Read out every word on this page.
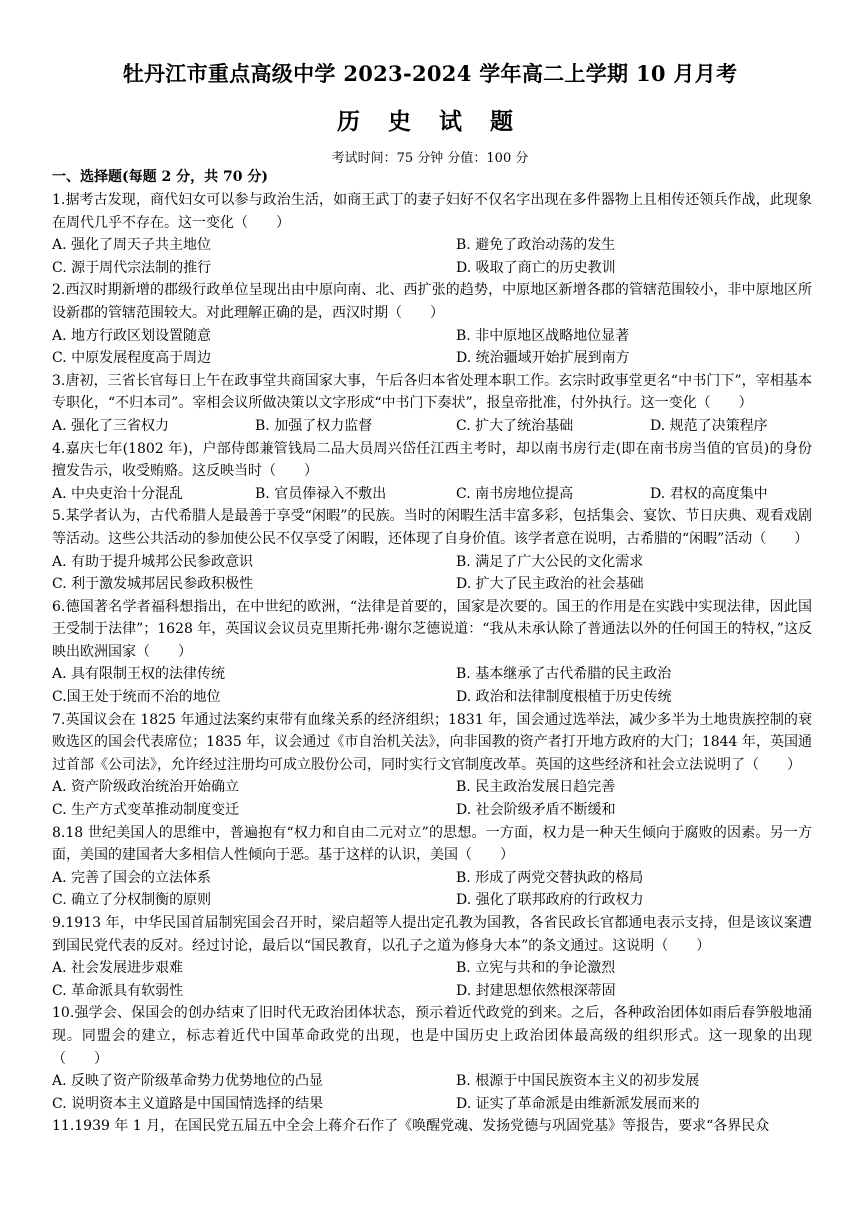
牡丹江市重点高级中学 2023-2024 学年高二上学期 10 月月考
历 史 试 题
考试时间：75 分钟 分值：100 分
一、选择题(每题 2 分，共 70 分)

1.据考古发现，商代妇女可以参与政治生活，如商王武丁的妻子妇好不仅名字出现在多件器物上且相传还领兵作战，此现象在周代几乎不存在。这一变化（　　）

A. 强化了周天子共主地位	B. 避免了政治动荡的发生
C. 源于周代宗法制的推行	D. 吸取了商亡的历史教训

2.西汉时期新增的郡级行政单位呈现出由中原向南、北、西扩张的趋势，中原地区新增各郡的管辖范围较小，非中原地区所设新郡的管辖范围较大。对此理解正确的是，西汉时期（　　）

A. 地方行政区划设置随意	B. 非中原地区战略地位显著
C. 中原发展程度高于周边	D. 统治疆域开始扩展到南方

3.唐初，三省长官每日上午在政事堂共商国家大事，午后各归本省处理本职工作。玄宗时政事堂更名“中书门下”，宰相基本专职化，“不归本司”。宰相会议所做决策以文字形成“中书门下奏状”，报皇帝批准，付外执行。这一变化（　　）

A. 强化了三省权力	B. 加强了权力监督	C. 扩大了统治基础	D. 规范了决策程序

4.嘉庆七年(1802 年)，户部侍郎兼管钱局二品大员周兴岱任江西主考时，却以南书房行走(即在南书房当值的官员)的身份擅发告示，收受贿赂。这反映当时（　　）

A. 中央吏治十分混乱	B. 官员俸禄入不敷出	C. 南书房地位提高	D. 君权的高度集中

5.某学者认为，古代希腊人是最善于享受“闲暇”的民族。当时的闲暇生活丰富多彩，包括集会、宴饮、节日庆典、观看戏剧等活动。这些公共活动的参加使公民不仅享受了闲暇，还体现了自身价值。该学者意在说明，古希腊的“闲暇”活动（　　）

A. 有助于提升城邦公民参政意识	B. 满足了广大公民的文化需求
C. 利于激发城邦居民参政积极性	D. 扩大了民主政治的社会基础

6.德国著名学者福科想指出，在中世纪的欧洲，“法律是首要的，国家是次要的。国王的作用是在实践中实现法律，因此国王受制于法律”；1628 年，英国议会议员克里斯托弗·谢尔芝德说道：“我从未承认除了普通法以外的任何国王的特权，”这反映出欧洲国家（　　）

A. 具有限制王权的法律传统	B. 基本继承了古代希腊的民主政治
C.国王处于统而不治的地位	D. 政治和法律制度根植于历史传统

7.英国议会在 1825 年通过法案约束带有血缘关系的经济组织；1831 年，国会通过选举法，减少多半为土地贵族控制的衰败选区的国会代表席位；1835 年，议会通过《市自治机关法》，向非国教的资产者打开地方政府的大门；1844 年，英国通过首部《公司法》，允许经过注册均可成立股份公司，同时实行文官制度改革。英国的这些经济和社会立法说明了（　　）

A. 资产阶级政治统治开始确立	B. 民主政治发展日趋完善
C. 生产方式变革推动制度变迁	D. 社会阶级矛盾不断缓和

8.18 世纪美国人的思维中，普遍抱有“权力和自由二元对立”的思想。一方面，权力是一种天生倾向于腐败的因素。另一方面，美国的建国者大多相信人性倾向于恶。基于这样的认识，美国（　　）

A. 完善了国会的立法体系	B. 形成了两党交替执政的格局
C. 确立了分权制衡的原则	D. 强化了联邦政府的行政权力

9.1913 年，中华民国首届制宪国会召开时，梁启超等人提出定孔教为国教，各省民政长官都通电表示支持，但是该议案遭到国民党代表的反对。经过讨论，最后以“国民教育，以孔子之道为修身大本”的条文通过。这说明（　　）

A. 社会发展进步艰难	B. 立宪与共和的争论激烈
C. 革命派具有软弱性	D. 封建思想依然根深蒂固

10.强学会、保国会的创办结束了旧时代无政治团体状态，预示着近代政党的到来。之后，各种政治团体如雨后春笋般地涌现。同盟会的建立，标志着近代中国革命政党的出现，也是中国历史上政治团体最高级的组织形式。这一现象的出现（　　）

A. 反映了资产阶级革命势力优势地位的凸显	B. 根源于中国民族资本主义的初步发展
C. 说明资本主义道路是中国国情选择的结果	D. 证实了革命派是由维新派发展而来的

11.1939 年 1 月，在国民党五届五中全会上蒋介石作了《唤醒党魂、发扬党德与巩固党基》等报告，要求“各界民众
